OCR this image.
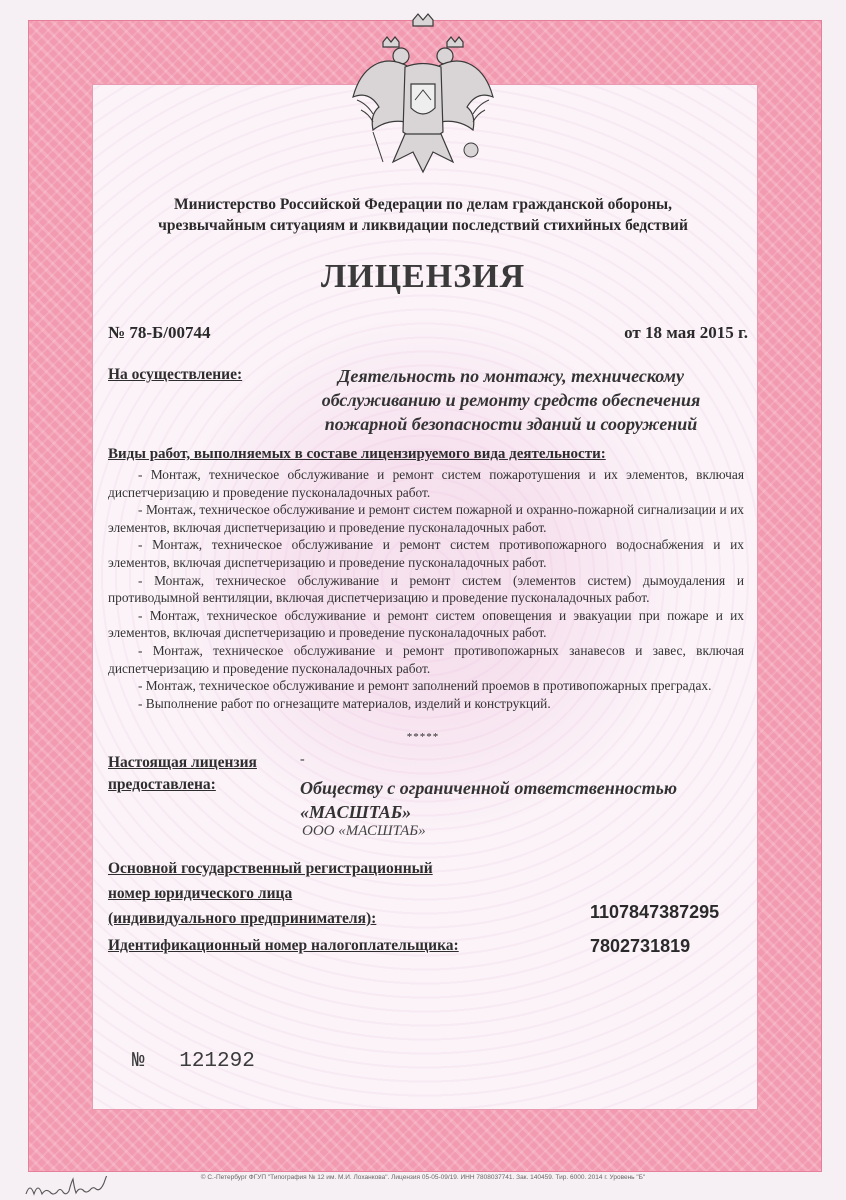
Министерство Российской Федерации по делам гражданской обороны,
чрезвычайным ситуациям и ликвидации последствий стихийных бедствий
ЛИЦЕНЗИЯ
№ 78-Б/00744	от 18 мая 2015 г.
На осуществление:	Деятельность по монтажу, техническому
обслуживанию и ремонту средств обеспечения
пожарной безопасности зданий и сооружений
Виды работ, выполняемых в составе лицензируемого вида деятельности:

- Монтаж, техническое обслуживание и ремонт систем пожаротушения и их элементов, включая диспетчеризацию и проведение пусконаладочных работ.

- Монтаж, техническое обслуживание и ремонт систем пожарной и охранно-пожарной сигнализации и их элементов, включая диспетчеризацию и проведение пусконаладочных работ.

- Монтаж, техническое обслуживание и ремонт систем противопожарного водоснабжения и их элементов, включая диспетчеризацию и проведение пусконаладочных работ.

- Монтаж, техническое обслуживание и ремонт систем (элементов систем) дымоудаления и противодымной вентиляции, включая диспетчеризацию и проведение пусконаладочных работ.

- Монтаж, техническое обслуживание и ремонт систем оповещения и эвакуации при пожаре и их элементов, включая диспетчеризацию и проведение пусконаладочных работ.

- Монтаж, техническое обслуживание и ремонт противопожарных занавесов и завес, включая диспетчеризацию и проведение пусконаладочных работ.

- Монтаж, техническое обслуживание и ремонт заполнений проемов в противопожарных преградах.

- Выполнение работ по огнезащите материалов, изделий и конструкций.

*****
Настоящая лицензия
предоставлена:
-
Обществу с ограниченной ответственностью
«МАСШТАБ»
ООО «МАСШТАБ»
Основной государственный регистрационный
номер юридического лица
(индивидуального предпринимателя):	1107847387295
Идентификационный номер налогоплательщика:	7802731819
№ 121292
© С.-Петербург ФГУП "Типография № 12 им. М.И. Лоханкова". Лицензия 05-05-09/19. ИНН 7808037741. Зак. 140459. Тир. 6000. 2014 г. Уровень "Б"
